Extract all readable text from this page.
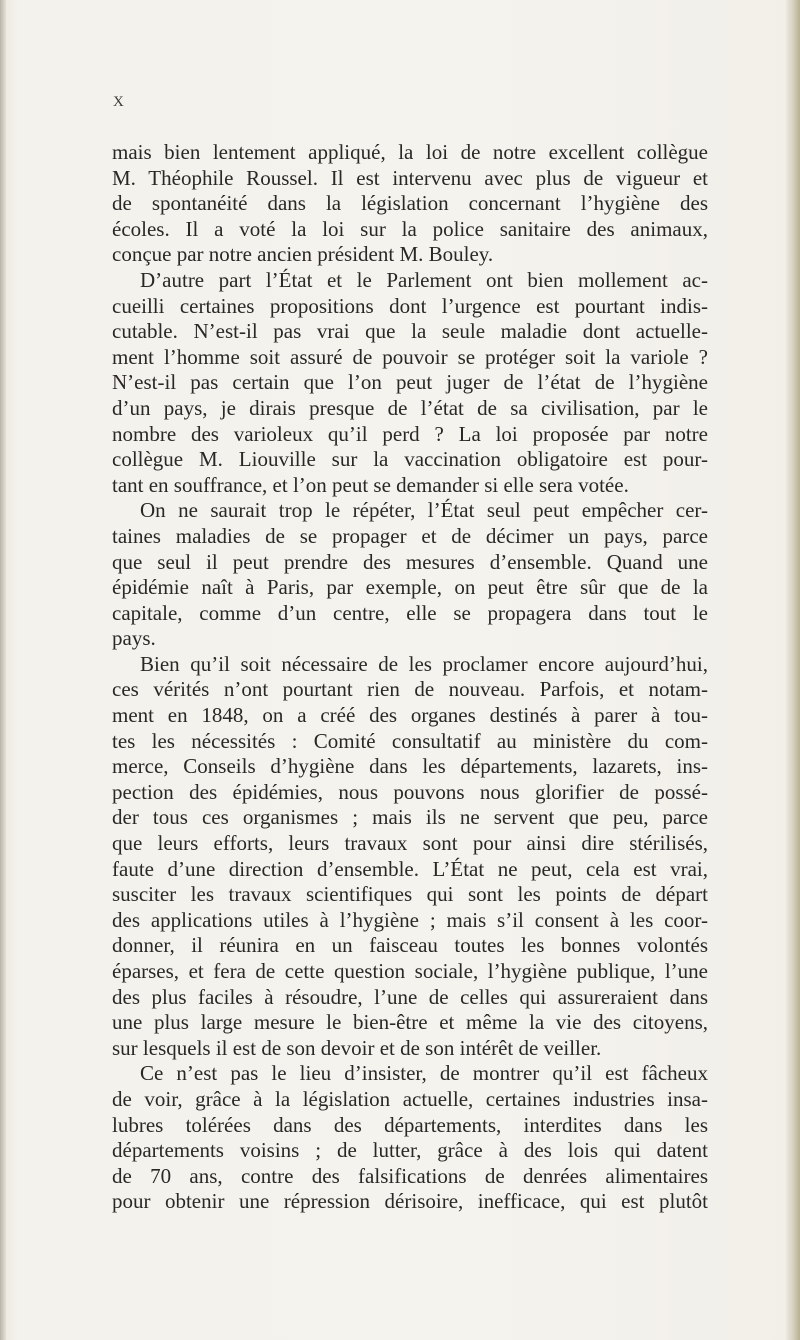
X
mais bien lentement appliqué, la loi de notre excellent collègue
M. Théophile Roussel. Il est intervenu avec plus de vigueur et
de spontanéité dans la législation concernant l’hygiène des
écoles. Il a voté la loi sur la police sanitaire des animaux,
conçue par notre ancien président M. Bouley.
D’autre part l’État et le Parlement ont bien mollement ac-
cueilli certaines propositions dont l’urgence est pourtant indis-
cutable. N’est-il pas vrai que la seule maladie dont actuelle-
ment l’homme soit assuré de pouvoir se protéger soit la variole ?
N’est-il pas certain que l’on peut juger de l’état de l’hygiène
d’un pays, je dirais presque de l’état de sa civilisation, par le
nombre des varioleux qu’il perd ? La loi proposée par notre
collègue M. Liouville sur la vaccination obligatoire est pour-
tant en souffrance, et l’on peut se demander si elle sera votée.
On ne saurait trop le répéter, l’État seul peut empêcher cer-
taines maladies de se propager et de décimer un pays, parce
que seul il peut prendre des mesures d’ensemble. Quand une
épidémie naît à Paris, par exemple, on peut être sûr que de la
capitale, comme d’un centre, elle se propagera dans tout le
pays.
Bien qu’il soit nécessaire de les proclamer encore aujourd’hui,
ces vérités n’ont pourtant rien de nouveau. Parfois, et notam-
ment en 1848, on a créé des organes destinés à parer à tou-
tes les nécessités : Comité consultatif au ministère du com-
merce, Conseils d’hygiène dans les départements, lazarets, ins-
pection des épidémies, nous pouvons nous glorifier de possé-
der tous ces organismes ; mais ils ne servent que peu, parce
que leurs efforts, leurs travaux sont pour ainsi dire stérilisés,
faute d’une direction d’ensemble. L’État ne peut, cela est vrai,
susciter les travaux scientifiques qui sont les points de départ
des applications utiles à l’hygiène ; mais s’il consent à les coor-
donner, il réunira en un faisceau toutes les bonnes volontés
éparses, et fera de cette question sociale, l’hygiène publique, l’une
des plus faciles à résoudre, l’une de celles qui assureraient dans
une plus large mesure le bien-être et même la vie des citoyens,
sur lesquels il est de son devoir et de son intérêt de veiller.
Ce n’est pas le lieu d’insister, de montrer qu’il est fâcheux
de voir, grâce à la législation actuelle, certaines industries insa-
lubres tolérées dans des départements, interdites dans les
départements voisins ; de lutter, grâce à des lois qui datent
de 70 ans, contre des falsifications de denrées alimentaires
pour obtenir une répression dérisoire, inefficace, qui est plutôt
